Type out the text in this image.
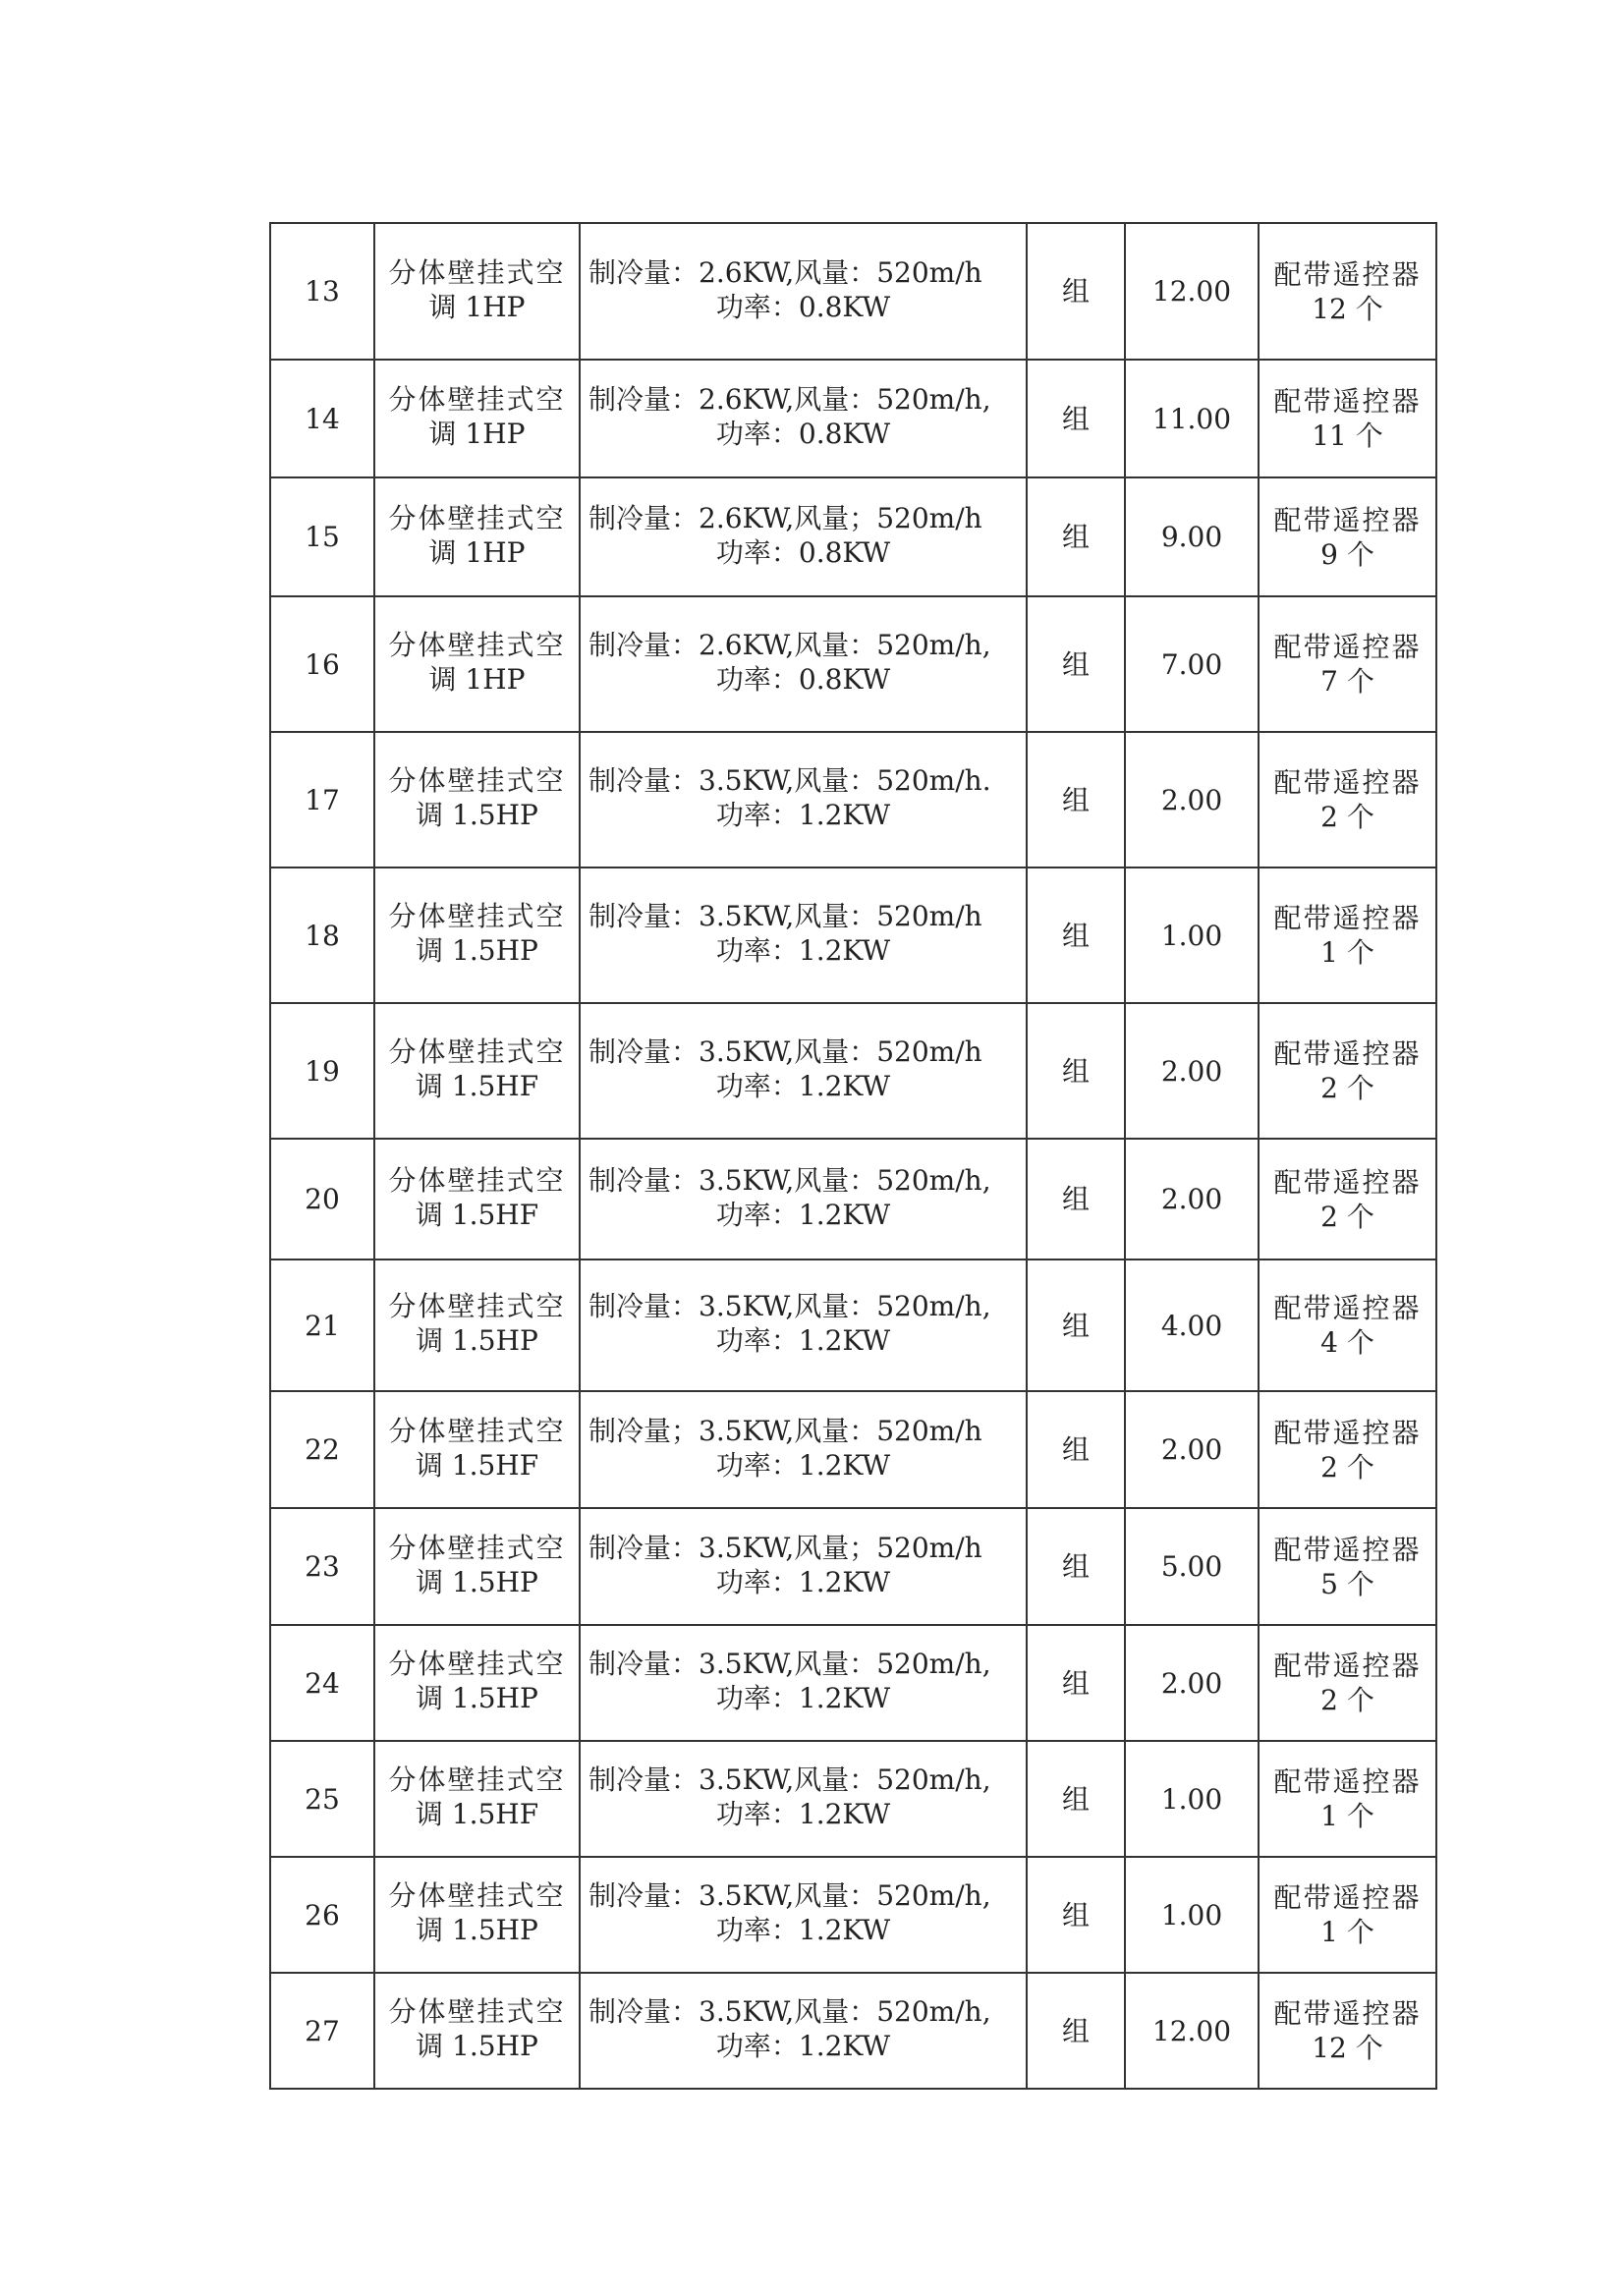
13	分体壁挂式空
调 1HP	制冷量：2.6KW,风量：520m/h
功率：0.8KW	组	12.00	配带遥控器
12 个

14	分体壁挂式空
调 1HP	制冷量：2.6KW,风量：520m/h,
功率：0.8KW	组	11.00	配带遥控器
11 个

15	分体壁挂式空
调 1HP	制冷量：2.6KW,风量；520m/h
功率：0.8KW	组	9.00	配带遥控器
9 个

16	分体壁挂式空
调 1HP	制冷量：2.6KW,风量：520m/h,
功率：0.8KW	组	7.00	配带遥控器
7 个

17	分体壁挂式空
调 1.5HP	制冷量：3.5KW,风量：520m/h.
功率：1.2KW	组	2.00	配带遥控器
2 个

18	分体壁挂式空
调 1.5HP	制冷量：3.5KW,风量：520m/h
功率：1.2KW	组	1.00	配带遥控器
1 个

19	分体壁挂式空
调 1.5HF	制冷量：3.5KW,风量：520m/h
功率：1.2KW	组	2.00	配带遥控器
2 个

20	分体壁挂式空
调 1.5HF	制冷量：3.5KW,风量：520m/h,
功率：1.2KW	组	2.00	配带遥控器
2 个

21	分体壁挂式空
调 1.5HP	制冷量：3.5KW,风量：520m/h,
功率：1.2KW	组	4.00	配带遥控器
4 个

22	分体壁挂式空
调 1.5HF	制冷量；3.5KW,风量：520m/h
功率：1.2KW	组	2.00	配带遥控器
2 个

23	分体壁挂式空
调 1.5HP	制冷量：3.5KW,风量；520m/h
功率：1.2KW	组	5.00	配带遥控器
5 个

24	分体壁挂式空
调 1.5HP	制冷量：3.5KW,风量：520m/h,
功率：1.2KW	组	2.00	配带遥控器
2 个

25	分体壁挂式空
调 1.5HF	制冷量：3.5KW,风量：520m/h,
功率：1.2KW	组	1.00	配带遥控器
1 个

26	分体壁挂式空
调 1.5HP	制冷量：3.5KW,风量：520m/h,
功率：1.2KW	组	1.00	配带遥控器
1 个

27	分体壁挂式空
调 1.5HP	制冷量：3.5KW,风量：520m/h,
功率：1.2KW	组	12.00	配带遥控器
12 个
